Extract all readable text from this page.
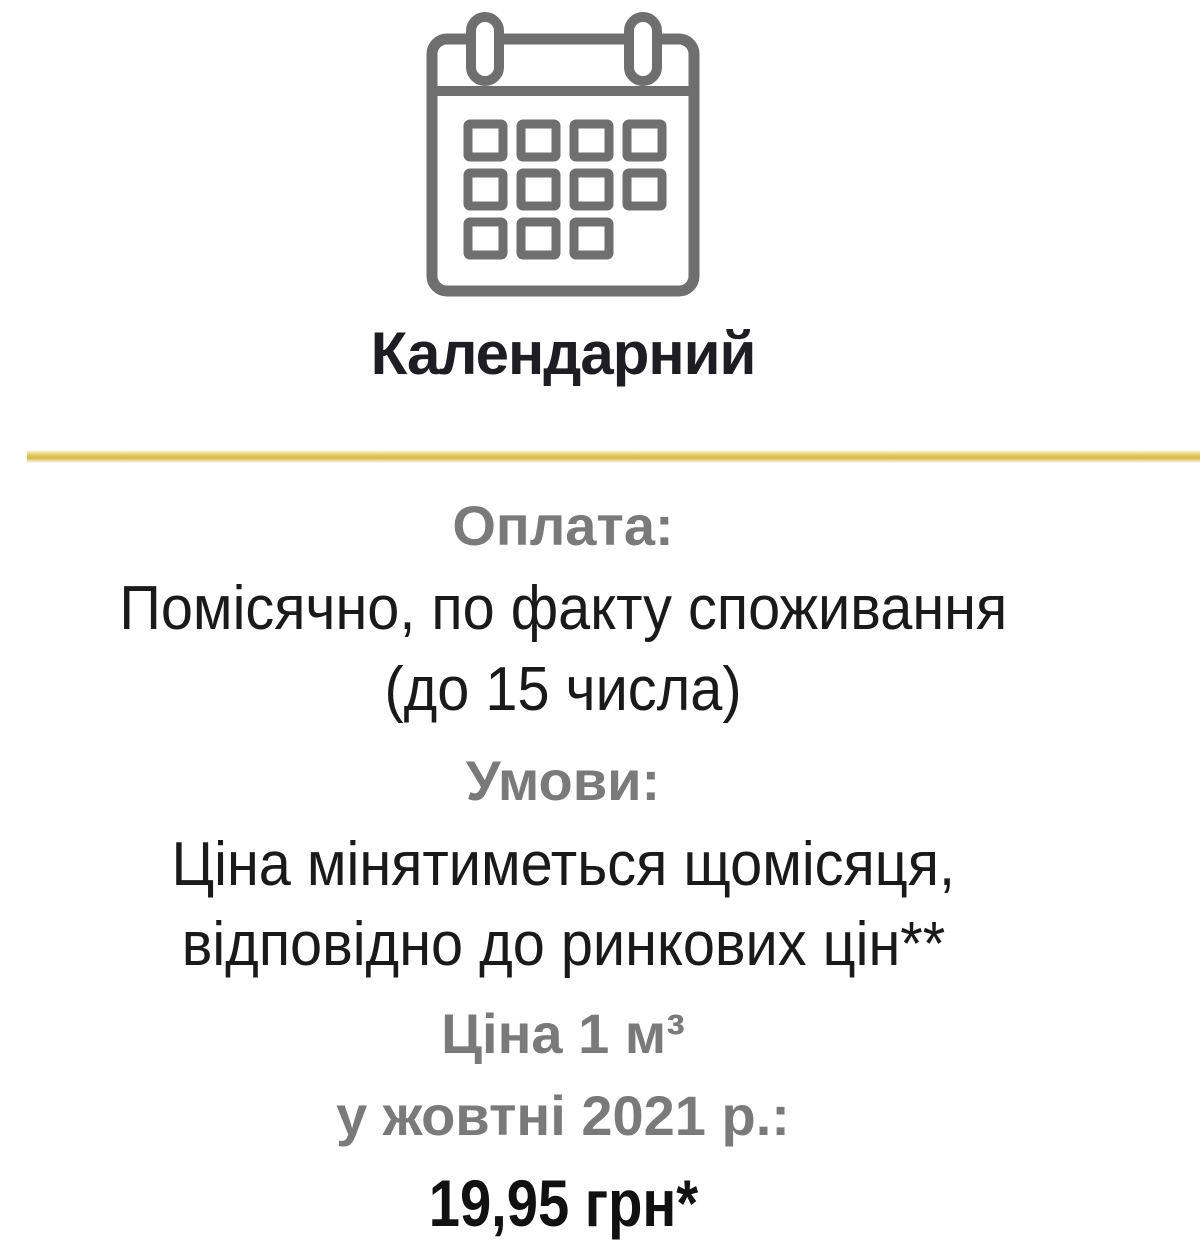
Календарний
Оплата:
Помісячно, по факту споживання
(до 15 числа)
Умови:
Ціна мінятиметься щомісяця,
відповідно до ринкових цін**
Ціна 1 м³
у жовтні 2021 р.:
19,95 грн*
